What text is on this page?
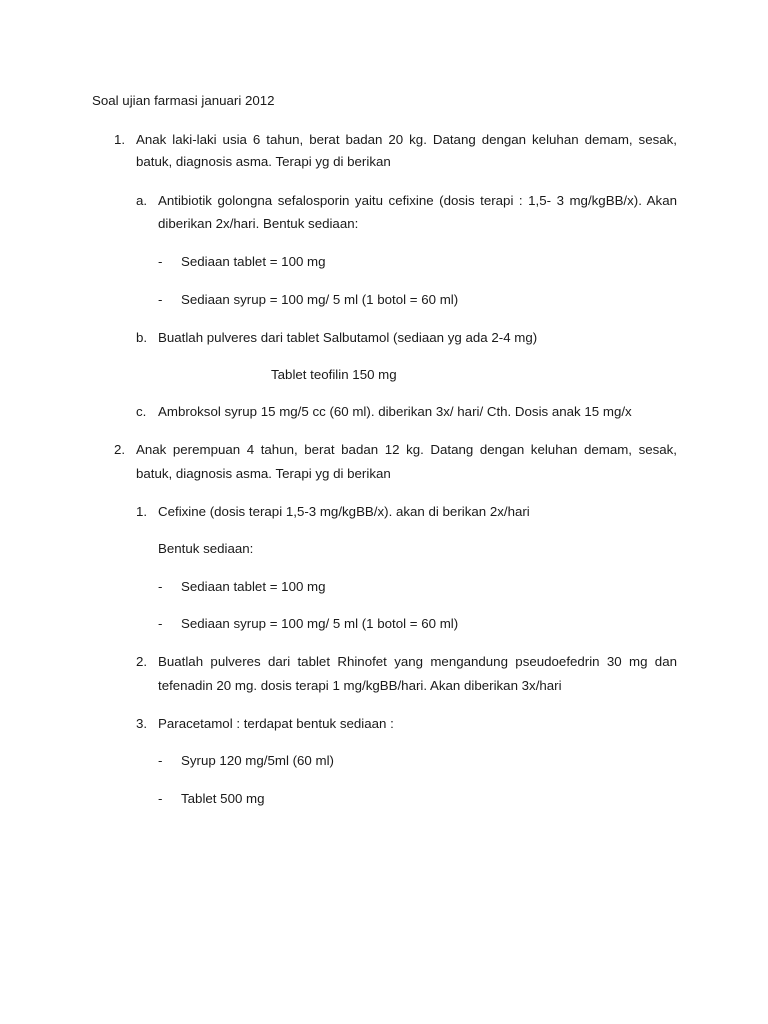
Soal ujian farmasi januari 2012
1. Anak laki-laki usia 6 tahun, berat badan 20 kg. Datang dengan keluhan demam, sesak,
batuk, diagnosis asma. Terapi yg di berikan
a. Antibiotik golongna sefalosporin yaitu cefixine (dosis terapi : 1,5- 3 mg/kgBB/x). Akan
diberikan 2x/hari. Bentuk sediaan:
- Sediaan tablet = 100 mg
- Sediaan syrup = 100 mg/ 5 ml (1 botol = 60 ml)
b. Buatlah pulveres dari tablet Salbutamol (sediaan yg ada 2-4 mg)
Tablet teofilin 150 mg
c. Ambroksol syrup 15 mg/5 cc (60 ml). diberikan 3x/ hari/ Cth. Dosis anak 15 mg/x
2. Anak perempuan 4 tahun, berat badan 12 kg. Datang dengan keluhan demam, sesak,
batuk, diagnosis asma. Terapi yg di berikan
1. Cefixine (dosis terapi 1,5-3 mg/kgBB/x). akan di berikan 2x/hari
Bentuk sediaan:
- Sediaan tablet = 100 mg
- Sediaan syrup = 100 mg/ 5 ml (1 botol = 60 ml)
2. Buatlah pulveres dari tablet Rhinofet yang mengandung pseudoefedrin 30 mg dan
tefenadin 20 mg. dosis terapi 1 mg/kgBB/hari. Akan diberikan 3x/hari
3. Paracetamol : terdapat bentuk sediaan :
- Syrup 120 mg/5ml (60 ml)
- Tablet 500 mg
